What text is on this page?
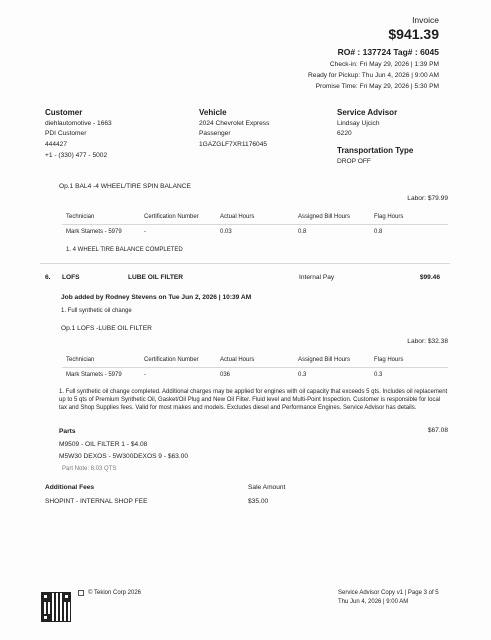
Invoice
$941.39
RO# : 137724 Tag# : 6045
Check-in: Fri May 29, 2026 | 1:39 PM
Ready for Pickup: Thu Jun 4, 2026 | 9:00 AM
Promise Time: Fri May 29, 2026 | 5:30 PM
Customer
diehlautomotive - 1663
PDI Customer
444427
+1 - (330) 477 - 5002
Vehicle
2024 Chevrolet Express
Passenger
1GAZGLF7XR1176045
Service Advisor
Lindsay Ujcich
6220
Transportation Type
DROP OFF
Op.1 BAL4 -4 WHEEL/TIRE SPIN BALANCE
Labor: $79.99
Technician	Certification Number	Actual Hours	Assigned Bill Hours	Flag Hours
Mark Stamets - 5979	-	0.03	0.8	0.8
1. 4 WHEEL TIRE BALANCE COMPLETED
6. LOFS	LUBE OIL FILTER	Internal Pay	$99.46
Job added by Rodney Stevens on Tue Jun 2, 2026 | 10:39 AM
1. Full synthetic oil change
Op.1 LOFS -LUBE OIL FILTER
Labor: $32.38
Technician	Certification Number	Actual Hours	Assigned Bill Hours	Flag Hours
Mark Stamets - 5979	-	036	0.3	0.3
1. Full synthetic oil change completed. Additional charges may be applied for engines with oil capacity that exceeds 5 qts. Includes oil replacement up to 5 qts of Premium Synthetic Oil, Gasket/Oil Plug and New Oil Filter. Fluid level and Multi-Point Inspection. Customer is responsible for local tax and Shop Supplies fees. Valid for most makes and models. Excludes diesel and Performance Engines. Service Advisor has details.
Parts	$67.08
M9509 - OIL FILTER 1 - $4.08
M5W30 DEXOS - 5W300DEXOS 9 - $63.00
Part Note: 8.03 QTS
Additional Fees	Sale Amount
SHOPINT - INTERNAL SHOP FEE	$35.00
© Tekion Corp 2026	Service Advisor Copy v1 | Page 3 of 5
Thu Jun 4, 2026 | 9:00 AM
